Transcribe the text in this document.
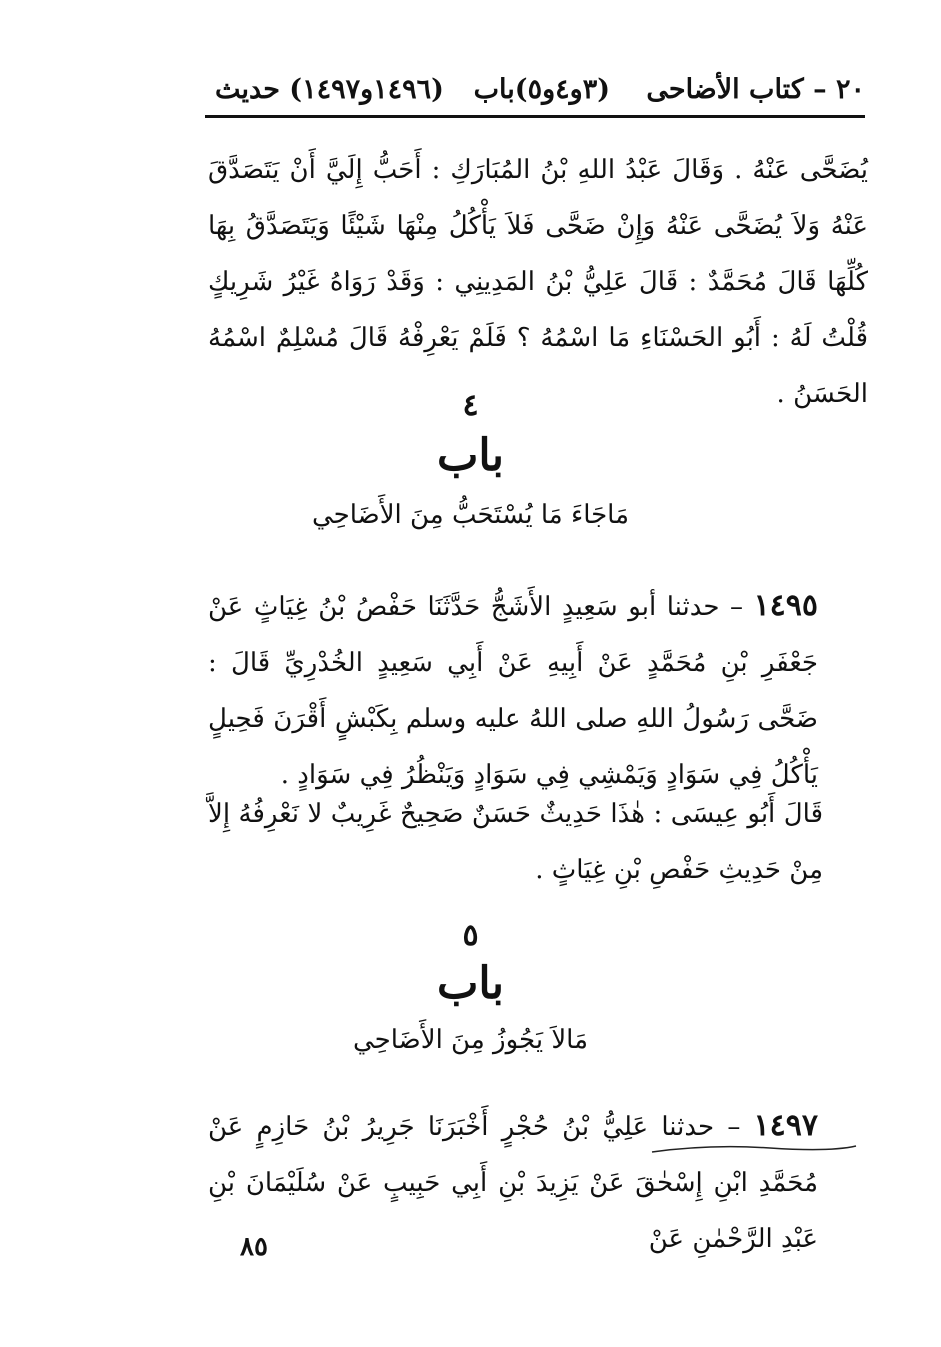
٢٠ – كتاب الأضاحى
(٣و٤و٥)باب
(١٤٩٦و١٤٩٧) حديث
يُضَحَّى عَنْهُ . وَقَالَ عَبْدُ اللهِ بْنُ المُبَارَكِ : أَحَبُّ إِلَيَّ أَنْ يَتَصَدَّقَ عَنْهُ وَلاَ يُضَحَّى عَنْهُ وَإِنْ ضَحَّى فَلاَ يَأْكُلُ مِنْهَا شَيْئًا وَيَتَصَدَّقُ بِهَا كُلِّهَا قَالَ مُحَمَّدٌ : قَالَ عَلِيُّ بْنُ المَدِينِي : وَقَدْ رَوَاهُ غَيْرُ شَرِيكٍ قُلْتُ لَهُ : أَبُو الحَسْنَاءِ مَا اسْمُهُ ؟ فَلَمْ يَعْرِفْهُ قَالَ مُسْلِمٌ اسْمُهُ الحَسَنُ .
٤
باب
مَاجَاءَ مَا يُسْتَحَبُّ مِنَ الأَضَاحِي
١٤٩٥ – حدثنا أبو سَعِيدٍ الأَشَجُّ حَدَّثَنَا حَفْصُ بْنُ غِيَاثٍ عَنْ جَعْفَرِ بْنِ مُحَمَّدٍ عَنْ أَبِيهِ عَنْ أَبِي سَعِيدٍ الخُدْرِيِّ قَالَ : ضَحَّى رَسُولُ اللهِ صلى اللهُ عليه وسلم بِكَبْشٍ أَقْرَنَ فَحِيلٍ يَأْكُلُ فِي سَوَادٍ وَيَمْشِي فِي سَوَادٍ وَيَنْظُرُ فِي سَوَادٍ .
قَالَ أَبُو عِيسَى : هٰذَا حَدِيثٌ حَسَنٌ صَحِيحٌ غَرِيبٌ لا نَعْرِفُهُ إِلاَّ مِنْ حَدِيثِ حَفْصِ بْنِ غِيَاثٍ .
٥
باب
مَالاَ يَجُوزُ مِنَ الأَضَاحِي
١٤٩٧ – حدثنا عَلِيُّ بْنُ حُجْرٍ أَخْبَرَنَا جَرِيرُ بْنُ حَازِمٍ عَنْ مُحَمَّدِ ابْنِ إِسْحٰقَ عَنْ يَزِيدَ بْنِ أَبِي حَبِيبٍ عَنْ سُلَيْمَانَ بْنِ عَبْدِ الرَّحْمٰنِ عَنْ
٨٥
